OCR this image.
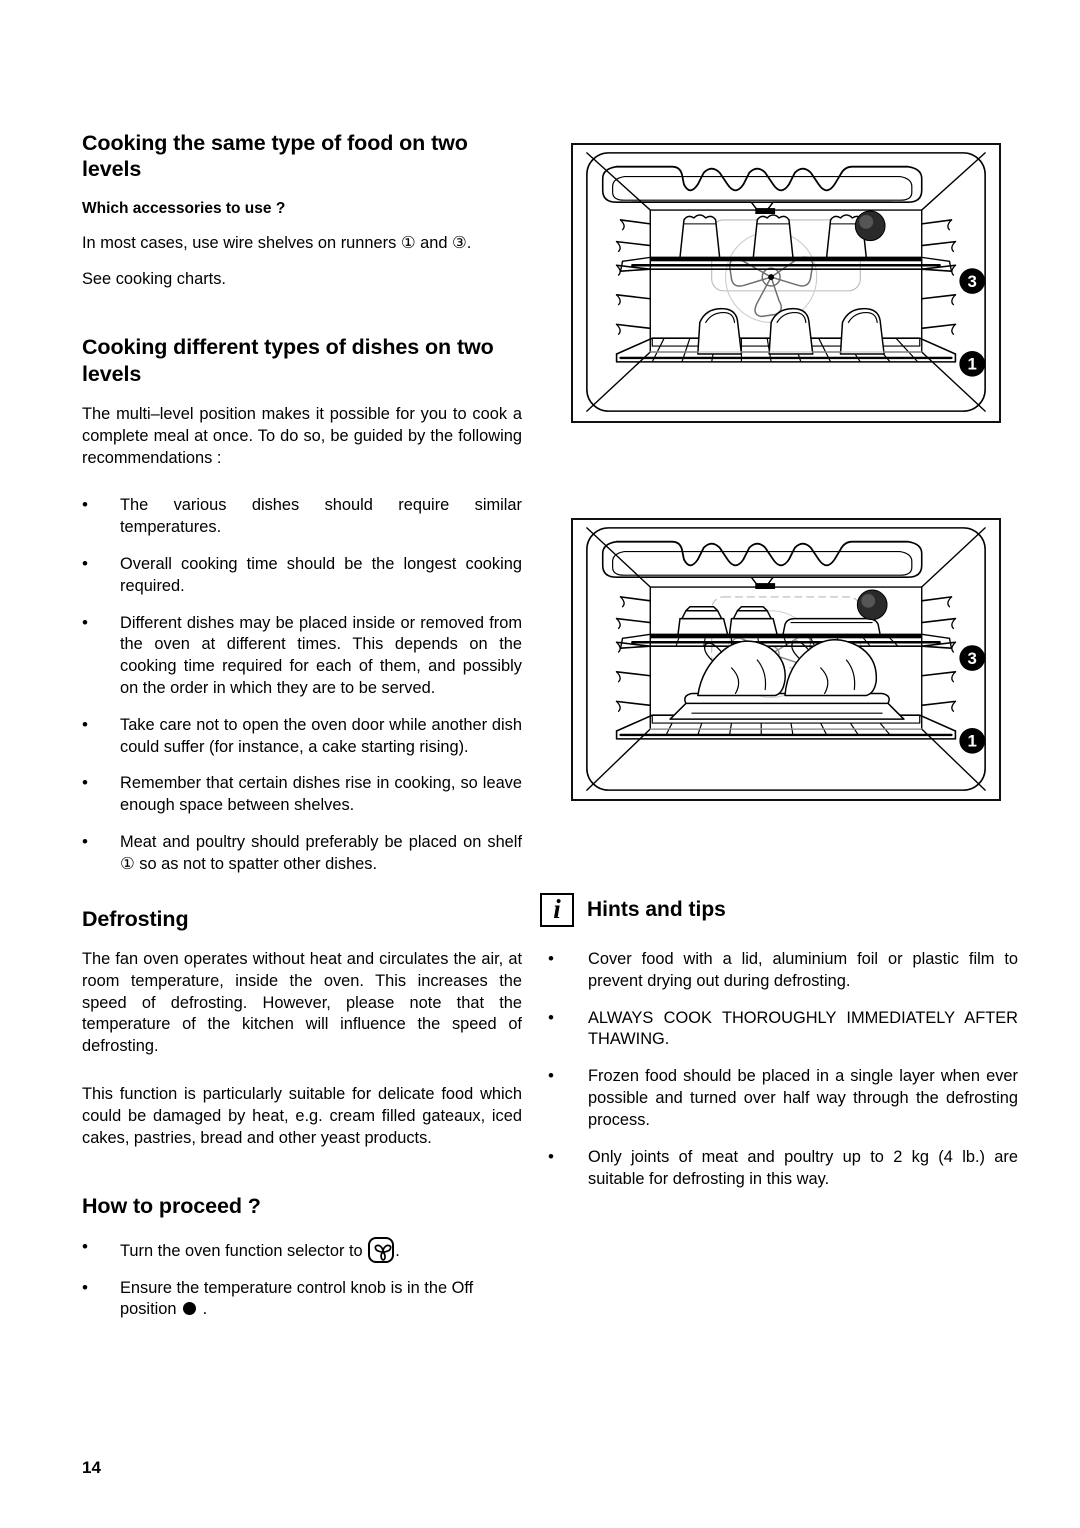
Cooking the same type of food on two levels
Which accessories to use ?

In most cases, use wire shelves on runners ① and ③.

See cooking charts.

Cooking different types of dishes on two levels

The multi–level position makes it possible for you to cook a complete meal at once. To do so, be guided by the following recommendations :

• The various dishes should require similar temperatures.
• Overall cooking time should be the longest cooking required.
• Different dishes may be placed inside or removed from the oven at different times. This depends on the cooking time required for each of them, and possibly on the order in which they are to be served.
• Take care not to open the oven door while another dish could suffer (for instance, a cake starting rising).
• Remember that certain dishes rise in cooking, so leave enough space between shelves.
• Meat and poultry should preferably be placed on shelf ① so as not to spatter other dishes.
Defrosting

The fan oven operates without heat and circulates the air, at room temperature, inside the oven. This increases the speed of defrosting. However, please note that the temperature of the kitchen will influence the speed of defrosting.

This function is particularly suitable for delicate food which could be damaged by heat, e.g. cream filled gateaux, iced cakes, pastries, bread and other yeast products.

How to proceed ?
• Turn the oven function selector to
.
• Ensure the temperature control knob is in the Off position  .
3
1
3
1
i Hints and tips
• Cover food with a lid, aluminium foil or plastic film to prevent drying out during defrosting.
• ALWAYS COOK THOROUGHLY IMMEDIATELY AFTER THAWING.
• Frozen food should be placed in a single layer when ever possible and turned over half way through the defrosting process.
• Only joints of meat and poultry up to 2 kg (4 lb.) are suitable for defrosting in this way.
14
